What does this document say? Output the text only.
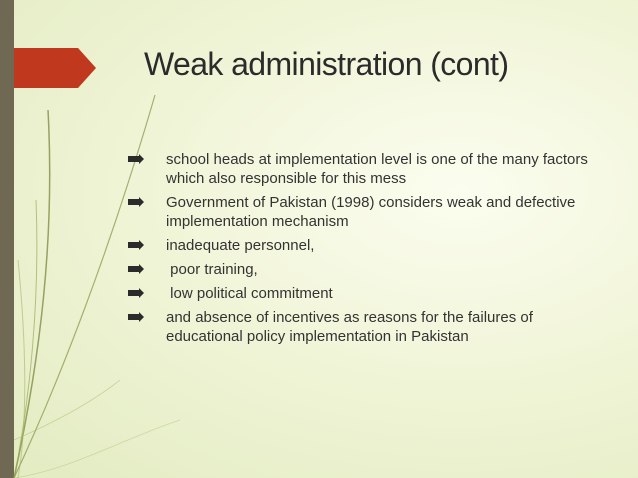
Weak administration (cont)
school heads at implementation level is one of the many factors which also responsible for this mess
Government of Pakistan (1998) considers weak and defective implementation mechanism
inadequate personnel,
poor training,
low political commitment
and absence of incentives as reasons for the failures of educational policy implementation in Pakistan
